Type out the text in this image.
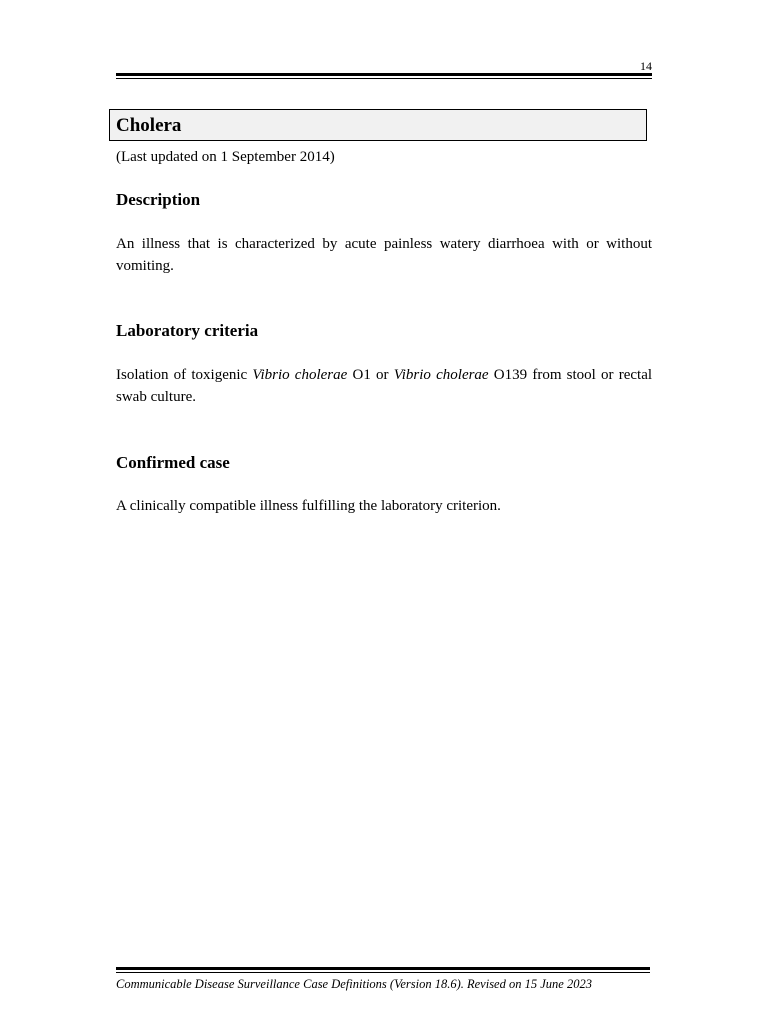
14
Cholera
(Last updated on 1 September 2014)
Description

An illness that is characterized by acute painless watery diarrhoea with or without vomiting.

Laboratory criteria

Isolation of toxigenic Vibrio cholerae O1 or Vibrio cholerae O139 from stool or rectal swab culture.

Confirmed case

A clinically compatible illness fulfilling the laboratory criterion.

Communicable Disease Surveillance Case Definitions (Version 18.6). Revised on 15 June 2023
